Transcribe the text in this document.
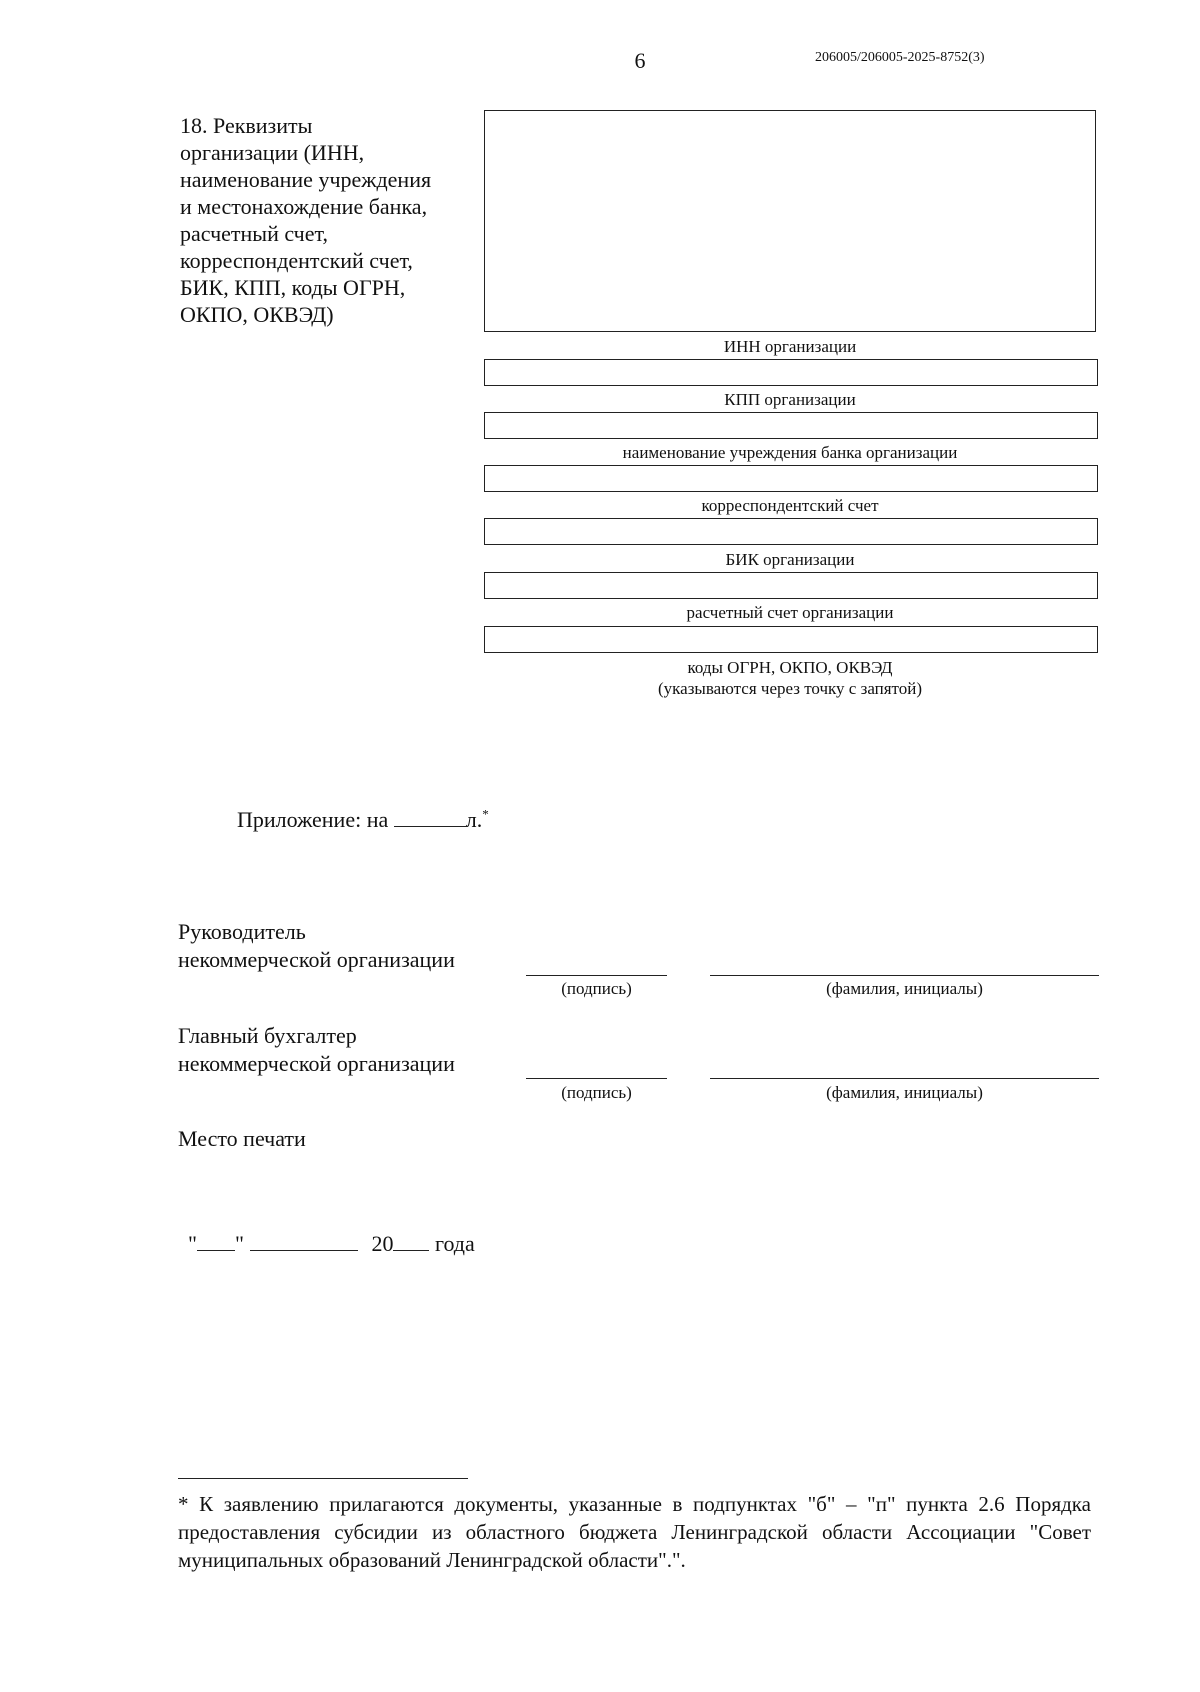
6	206005/206005-2025-8752(3)
18. Реквизиты
организации (ИНН,
наименование учреждения
и местонахождение банка,
расчетный счет,
корреспондентский счет,
БИК, КПП, коды ОГРН,
ОКПО, ОКВЭД)
ИНН организации
КПП организации
наименование учреждения банка организации
корреспондентский счет
БИК организации
расчетный счет организации
коды ОГРН, ОКПО, ОКВЭД
(указываются через точку с запятой)
Приложение: на	л.*
Руководитель
некоммерческой организации
(подпись)	(фамилия, инициалы)
Главный бухгалтер
некоммерческой организации
(подпись)	(фамилия, инициалы)
Место печати
" "	20 года
* К заявлению прилагаются документы, указанные в подпунктах "б" – "п" пункта 2.6 Порядка предоставления субсидии из областного бюджета Ленинградской области Ассоциации "Совет муниципальных образований Ленинградской области".".
